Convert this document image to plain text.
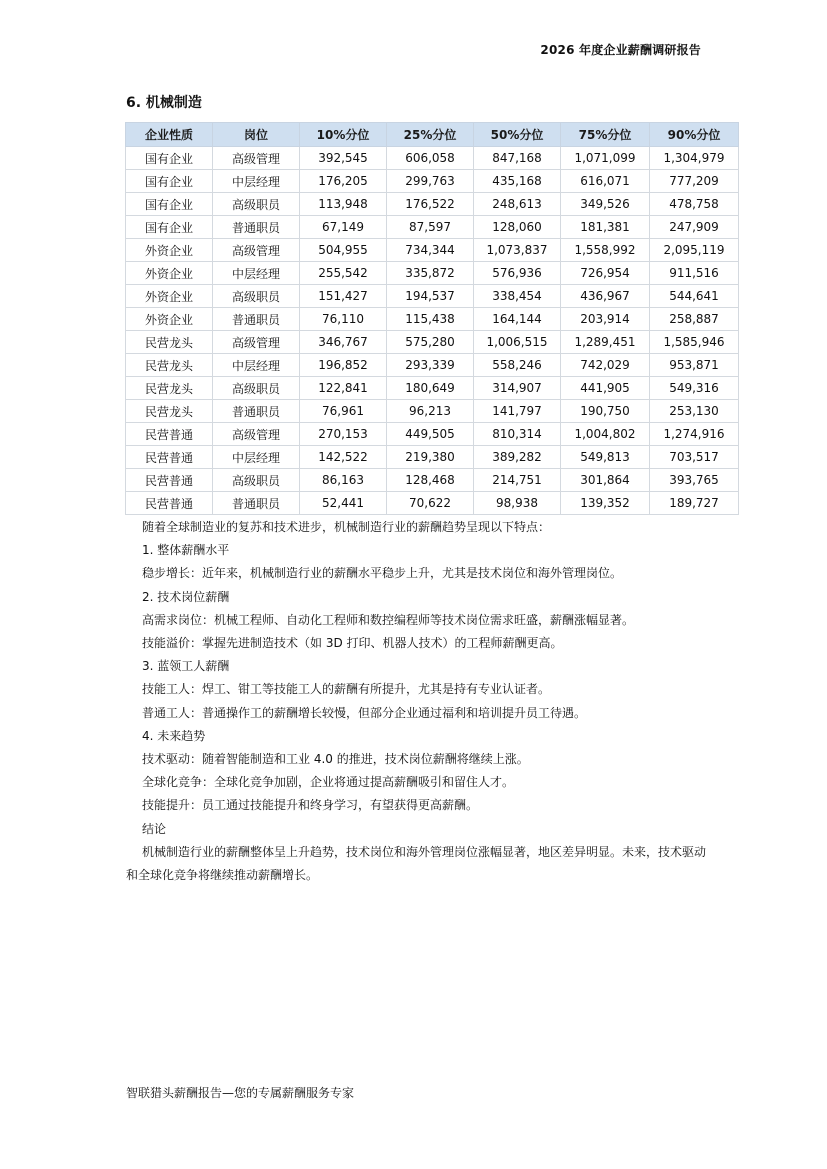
2026 年度企业薪酬调研报告
6. 机械制造
企业性质	岗位	10%分位	25%分位	50%分位	75%分位	90%分位
国有企业	高级管理	392,545	606,058	847,168	1,071,099	1,304,979
国有企业	中层经理	176,205	299,763	435,168	616,071	777,209
国有企业	高级职员	113,948	176,522	248,613	349,526	478,758
国有企业	普通职员	67,149	87,597	128,060	181,381	247,909
外资企业	高级管理	504,955	734,344	1,073,837	1,558,992	2,095,119
外资企业	中层经理	255,542	335,872	576,936	726,954	911,516
外资企业	高级职员	151,427	194,537	338,454	436,967	544,641
外资企业	普通职员	76,110	115,438	164,144	203,914	258,887
民营龙头	高级管理	346,767	575,280	1,006,515	1,289,451	1,585,946
民营龙头	中层经理	196,852	293,339	558,246	742,029	953,871
民营龙头	高级职员	122,841	180,649	314,907	441,905	549,316
民营龙头	普通职员	76,961	96,213	141,797	190,750	253,130
民营普通	高级管理	270,153	449,505	810,314	1,004,802	1,274,916
民营普通	中层经理	142,522	219,380	389,282	549,813	703,517
民营普通	高级职员	86,163	128,468	214,751	301,864	393,765
民营普通	普通职员	52,441	70,622	98,938	139,352	189,727

随着全球制造业的复苏和技术进步，机械制造行业的薪酬趋势呈现以下特点：

1. 整体薪酬水平

稳步增长：近年来，机械制造行业的薪酬水平稳步上升，尤其是技术岗位和海外管理岗位。

2. 技术岗位薪酬

高需求岗位：机械工程师、自动化工程师和数控编程师等技术岗位需求旺盛，薪酬涨幅显著。

技能溢价：掌握先进制造技术（如 3D 打印、机器人技术）的工程师薪酬更高。

3. 蓝领工人薪酬

技能工人：焊工、钳工等技能工人的薪酬有所提升，尤其是持有专业认证者。

普通工人：普通操作工的薪酬增长较慢，但部分企业通过福利和培训提升员工待遇。

4. 未来趋势

技术驱动：随着智能制造和工业 4.0 的推进，技术岗位薪酬将继续上涨。

全球化竞争：全球化竞争加剧，企业将通过提高薪酬吸引和留住人才。

技能提升：员工通过技能提升和终身学习，有望获得更高薪酬。

结论

机械制造行业的薪酬整体呈上升趋势，技术岗位和海外管理岗位涨幅显著，地区差异明显。未来，技术驱动和全球化竞争将继续推动薪酬增长。

智联猎头薪酬报告—您的专属薪酬服务专家
